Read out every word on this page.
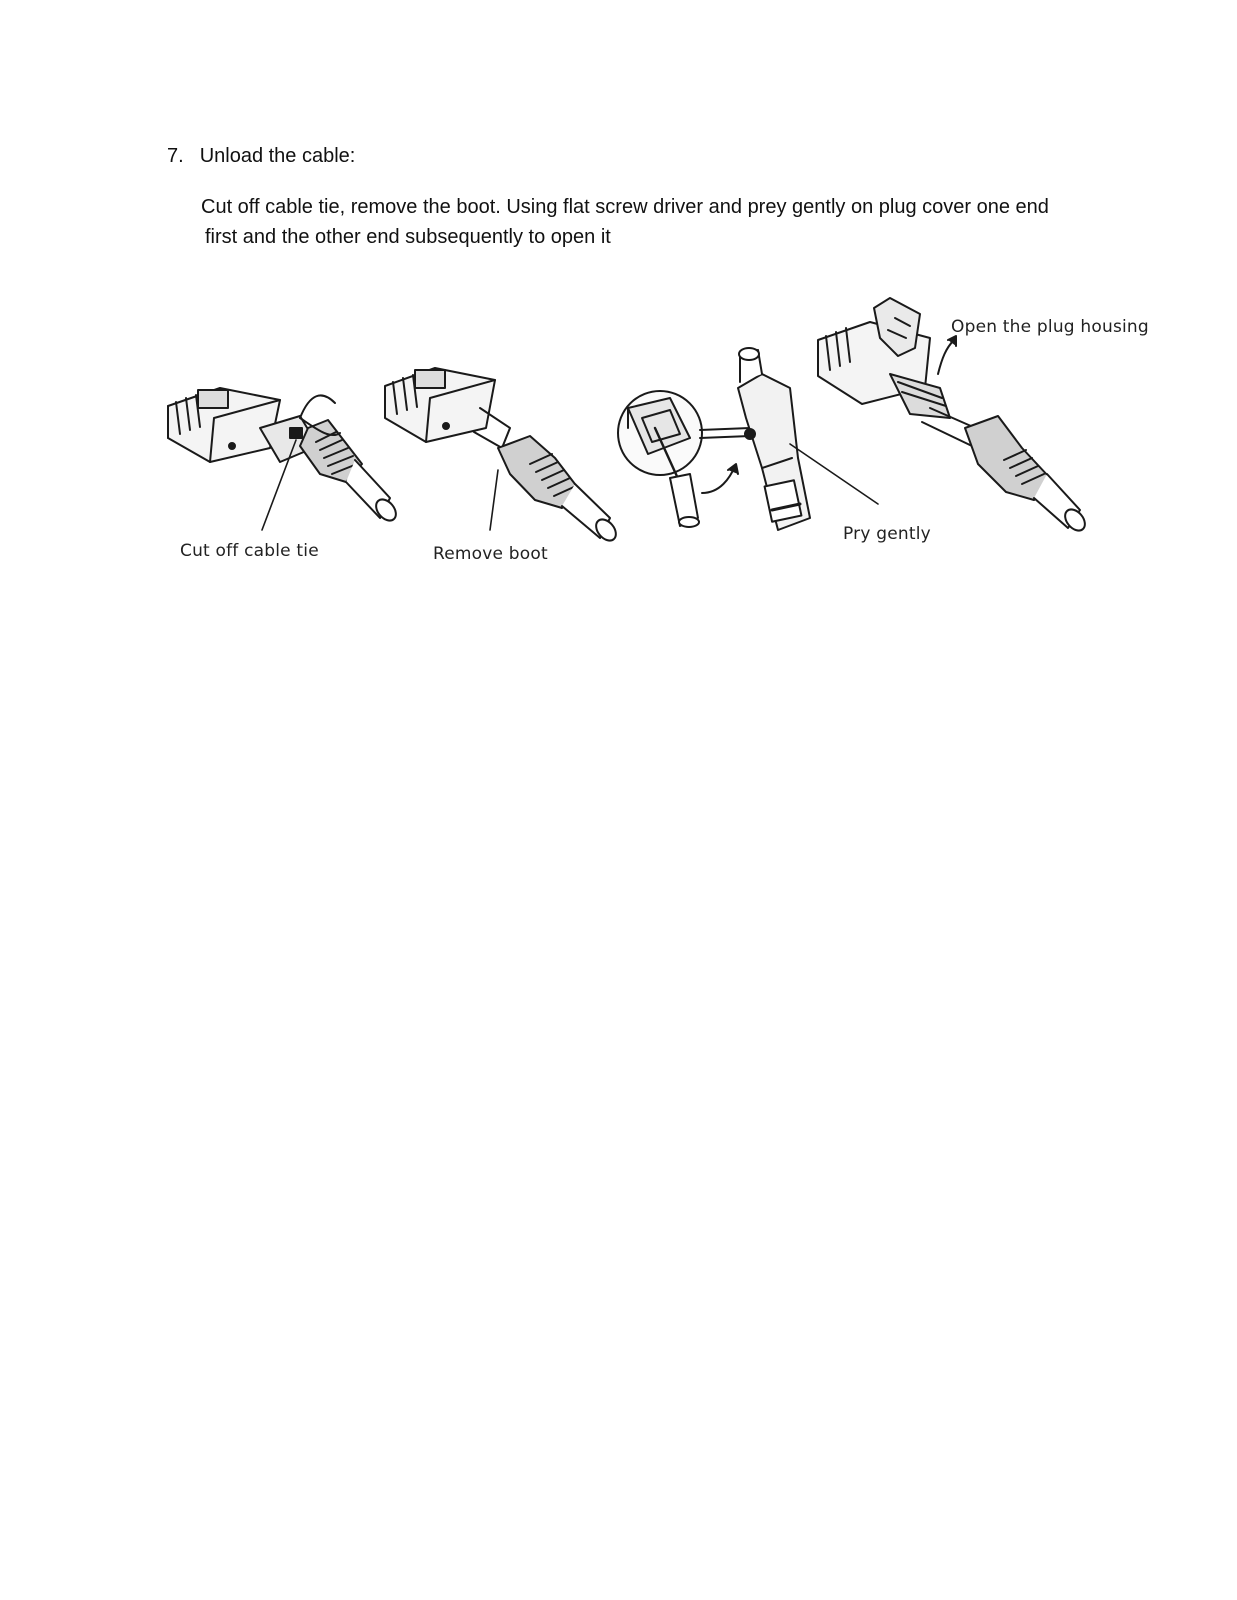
7. Unload the cable:
Cut off cable tie, remove the boot. Using flat screw driver and prey gently on plug cover one end
first and the other end subsequently to open it
Cut off cable tie	Remove boot
Pry gently
Open the plug housing
